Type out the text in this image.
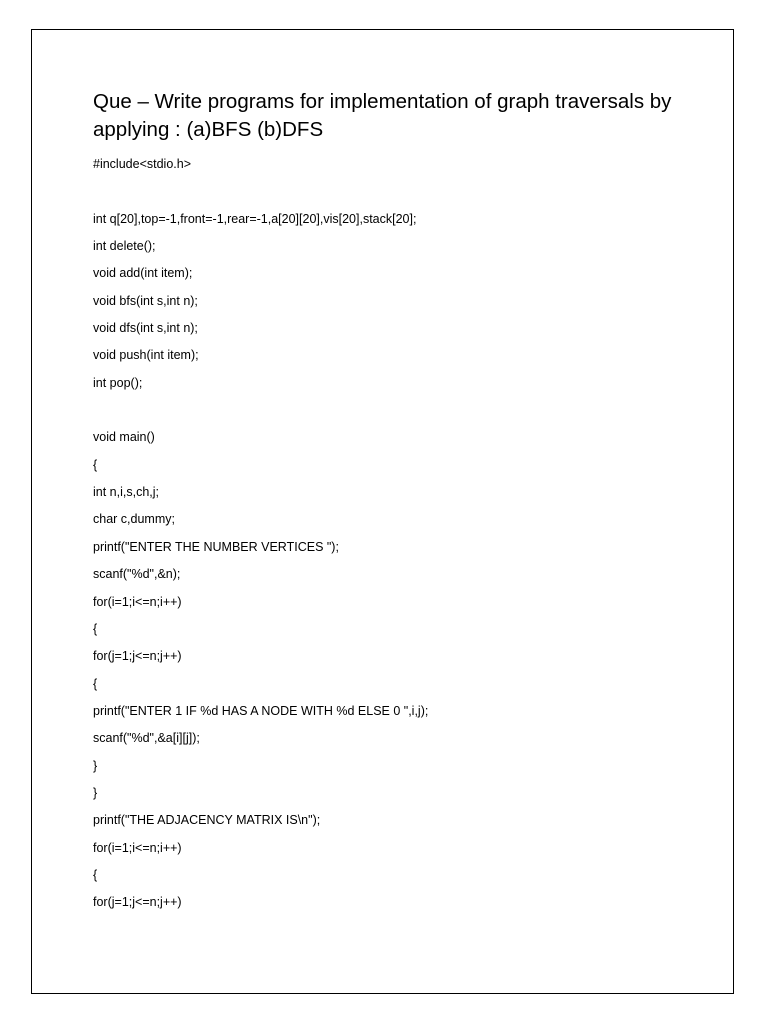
Que – Write programs for implementation of graph traversals by applying : (a)BFS (b)DFS
#include<stdio.h>
int q[20],top=-1,front=-1,rear=-1,a[20][20],vis[20],stack[20];
int delete();
void add(int item);
void bfs(int s,int n);
void dfs(int s,int n);
void push(int item);
int pop();
void main()
{
int n,i,s,ch,j;
char c,dummy;
printf("ENTER THE NUMBER VERTICES ");
scanf("%d",&n);
for(i=1;i<=n;i++)
{
for(j=1;j<=n;j++)
{
printf("ENTER 1 IF %d HAS A NODE WITH %d ELSE 0 ",i,j);
scanf("%d",&a[i][j]);
}
}
printf("THE ADJACENCY MATRIX IS\n");
for(i=1;i<=n;i++)
{
for(j=1;j<=n;j++)
